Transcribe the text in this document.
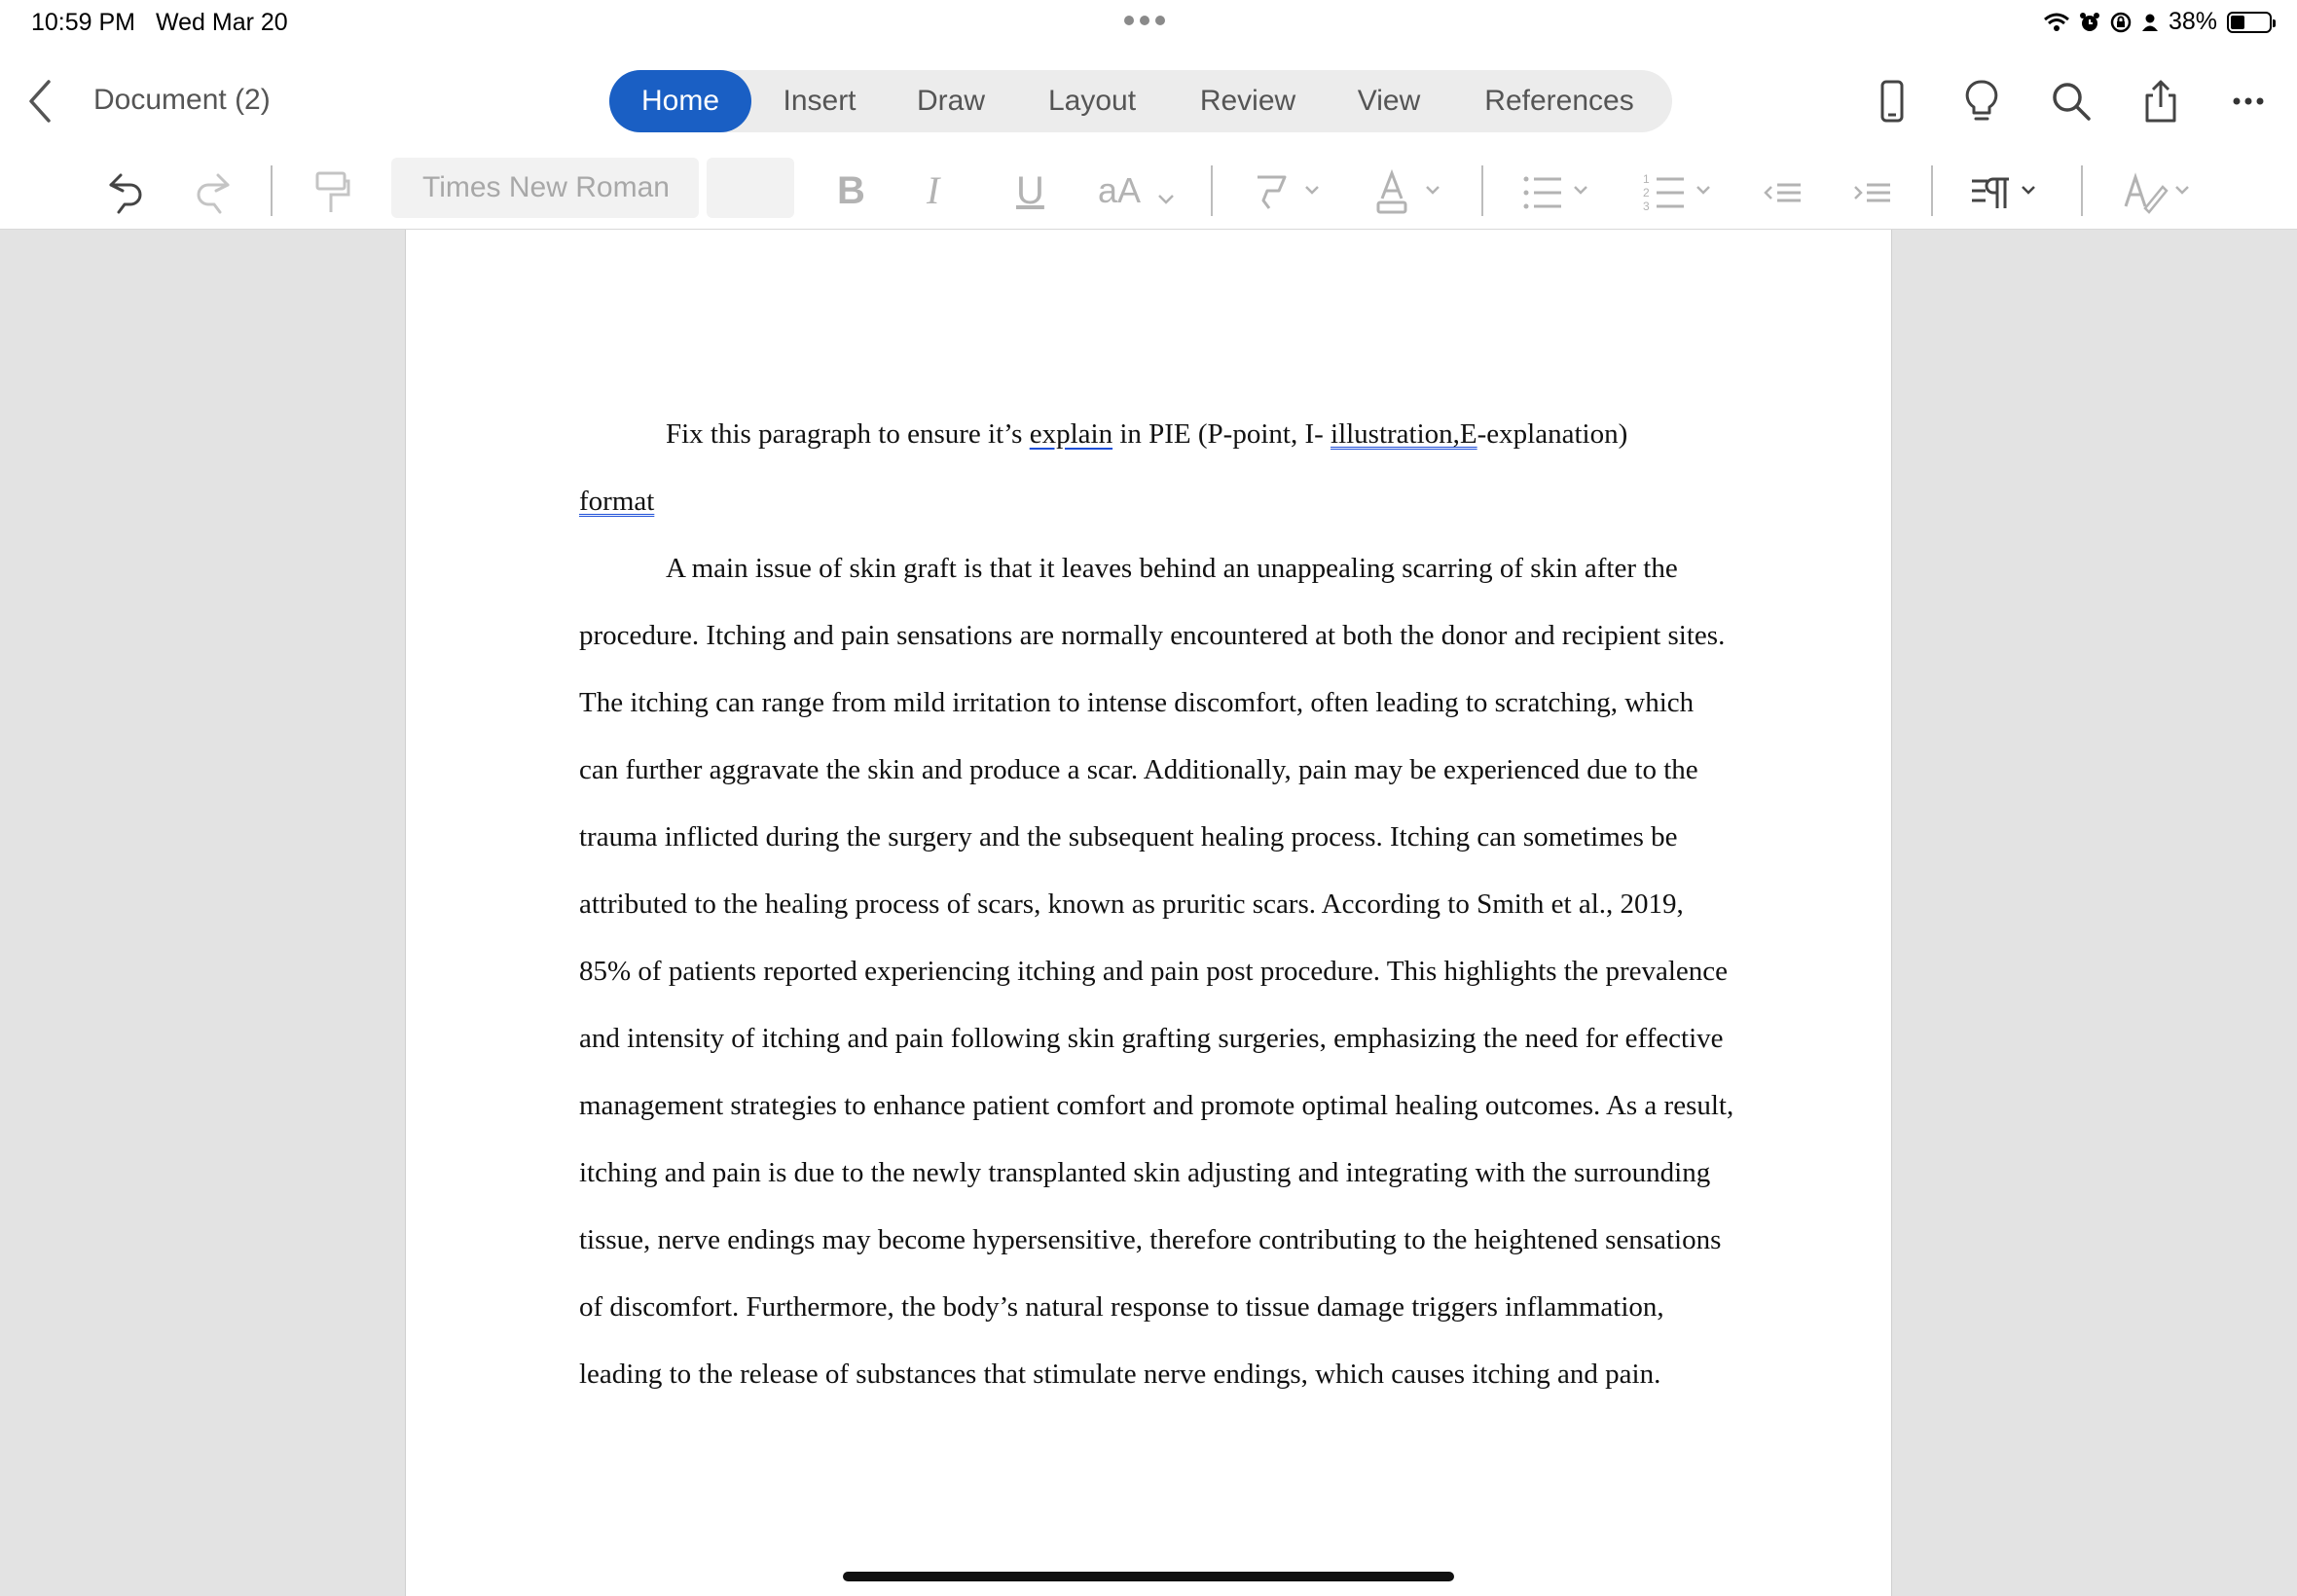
10:59 PM Wed Mar 20	38%
Document (2)	Home	Insert	Draw	Layout	Review	View	References
Times New Roman	B I U aA	1
2
3

Fix this paragraph to ensure it’s explain in PIE (P-point, I- illustration,E-explanation)
format

A main issue of skin graft is that it leaves behind an unappealing scarring of skin after the procedure. Itching and pain sensations are normally encountered at both the donor and recipient sites. The itching can range from mild irritation to intense discomfort, often leading to scratching, which can further aggravate the skin and produce a scar. Additionally, pain may be experienced due to the trauma inflicted during the surgery and the subsequent healing process. Itching can sometimes be attributed to the healing process of scars, known as pruritic scars. According to Smith et al., 2019, 85% of patients reported experiencing itching and pain post procedure. This highlights the prevalence and intensity of itching and pain following skin grafting surgeries, emphasizing the need for effective management strategies to enhance patient comfort and promote optimal healing outcomes. As a result, itching and pain is due to the newly transplanted skin adjusting and integrating with the surrounding tissue, nerve endings may become hypersensitive, therefore contributing to the heightened sensations of discomfort. Furthermore, the body’s natural response to tissue damage triggers inflammation, leading to the release of substances that stimulate nerve endings, which causes itching and pain.
